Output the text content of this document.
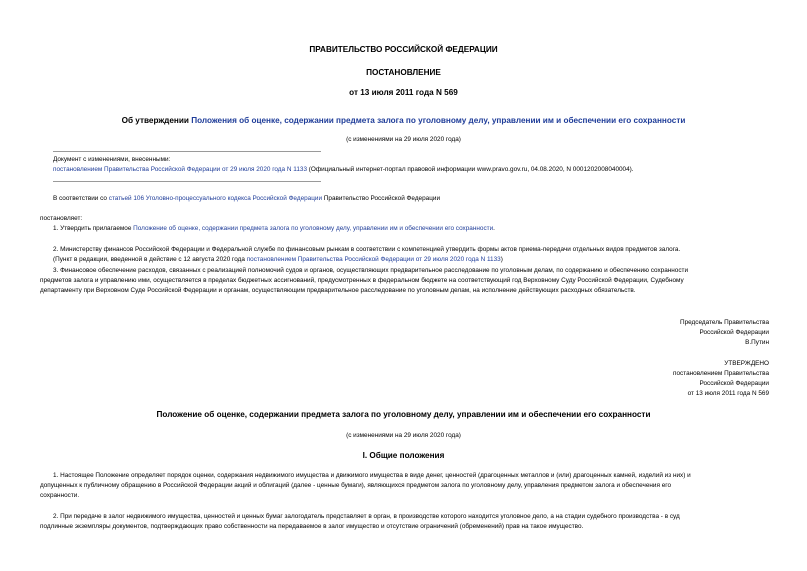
ПРАВИТЕЛЬСТВО РОССИЙСКОЙ ФЕДЕРАЦИИ
ПОСТАНОВЛЕНИЕ
от 13 июля 2011 года N 569
Об утверждении Положения об оценке, содержании предмета залога по уголовному делу, управлении им и обеспечении его сохранности
(с изменениями на 29 июля 2020 года)
Документ с изменениями, внесенными:
постановлением Правительства Российской Федерации от 29 июля 2020 года N 1133 (Официальный интернет-портал правовой информации www.pravo.gov.ru, 04.08.2020, N 0001202008040004).
В соответствии со статьей 106 Уголовно-процессуального кодекса Российской Федерации Правительство Российской Федерации
постановляет:
1. Утвердить прилагаемое Положение об оценке, содержании предмета залога по уголовному делу, управлении им и обеспечении его сохранности.
2. Министерству финансов Российской Федерации и Федеральной службе по финансовым рынкам в соответствии с компетенцией утвердить формы актов приема-передачи отдельных видов предметов залога.
(Пункт в редакции, введенной в действие с 12 августа 2020 года постановлением Правительства Российской Федерации от 29 июля 2020 года N 1133)
3. Финансовое обеспечение расходов, связанных с реализацией полномочий судов и органов, осуществляющих предварительное расследование по уголовным делам, по содержанию и обеспечению сохранности
предметов залога и управлению ими, осуществляется в пределах бюджетных ассигнований, предусмотренных в федеральном бюджете на соответствующий год Верховному Суду Российской Федерации, Судебному
департаменту при Верховном Суде Российской Федерации и органам, осуществляющим предварительное расследование по уголовным делам, на исполнение действующих расходных обязательств.
Председатель Правительства
Российской Федерации
В.Путин
УТВЕРЖДЕНО
постановлением Правительства
Российской Федерации
от 13 июля 2011 года N 569
Положение об оценке, содержании предмета залога по уголовному делу, управлении им и обеспечении его сохранности
(с изменениями на 29 июля 2020 года)
I. Общие положения
1. Настоящее Положение определяет порядок оценки, содержания недвижимого имущества и движимого имущества в виде денег, ценностей (драгоценных металлов и (или) драгоценных камней, изделий из них) и
допущенных к публичному обращению в Российской Федерации акций и облигаций (далее - ценные бумаги), являющихся предметом залога по уголовному делу, управления предметом залога и обеспечения его
сохранности.
2. При передаче в залог недвижимого имущества, ценностей и ценных бумаг залогодатель представляет в орган, в производстве которого находится уголовное дело, а на стадии судебного производства - в суд
подлинные экземпляры документов, подтверждающих право собственности на передаваемое в залог имущество и отсутствие ограничений (обременений) прав на такое имущество.
